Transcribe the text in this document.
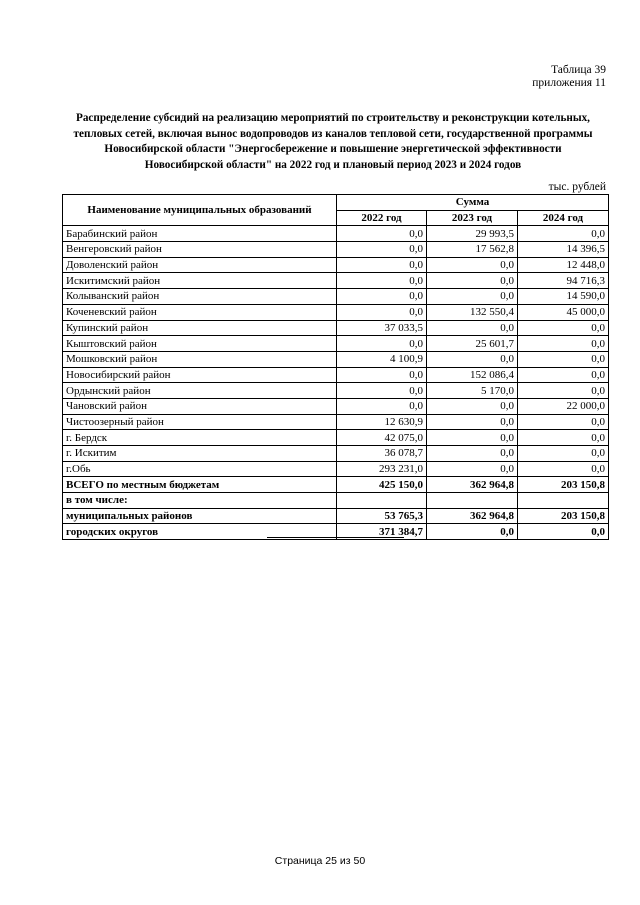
Таблица 39
приложения 11
Распределение субсидий на реализацию мероприятий по строительству и реконструкции котельных,
тепловых сетей, включая вынос водопроводов из каналов тепловой сети, государственной программы
Новосибирской области "Энергосбережение и повышение энергетической эффективности
Новосибирской области" на 2022 год и плановый период 2023 и 2024 годов
тыс. рублей
Наименование муниципальных образований	Сумма		
	2022 год	2023 год	2024 год
Барабинский район	0,0	29 993,5	0,0
Венгеровский район	0,0	17 562,8	14 396,5
Доволенский район	0,0	0,0	12 448,0
Искитимский район	0,0	0,0	94 716,3
Колыванский район	0,0	0,0	14 590,0
Коченевский район	0,0	132 550,4	45 000,0
Купинский район	37 033,5	0,0	0,0
Кыштовский район	0,0	25 601,7	0,0
Мошковский район	4 100,9	0,0	0,0
Новосибирский район	0,0	152 086,4	0,0
Ордынский район	0,0	5 170,0	0,0
Чановский район	0,0	0,0	22 000,0
Чистоозерный район	12 630,9	0,0	0,0
г. Бердск	42 075,0	0,0	0,0
г. Искитим	36 078,7	0,0	0,0
г.Обь	293 231,0	0,0	0,0
ВСЕГО по местным бюджетам	425 150,0	362 964,8	203 150,8
в том числе:			
муниципальных районов	53 765,3	362 964,8	203 150,8
городских округов	371 384,7	0,0	0,0
Страница 25 из 50
